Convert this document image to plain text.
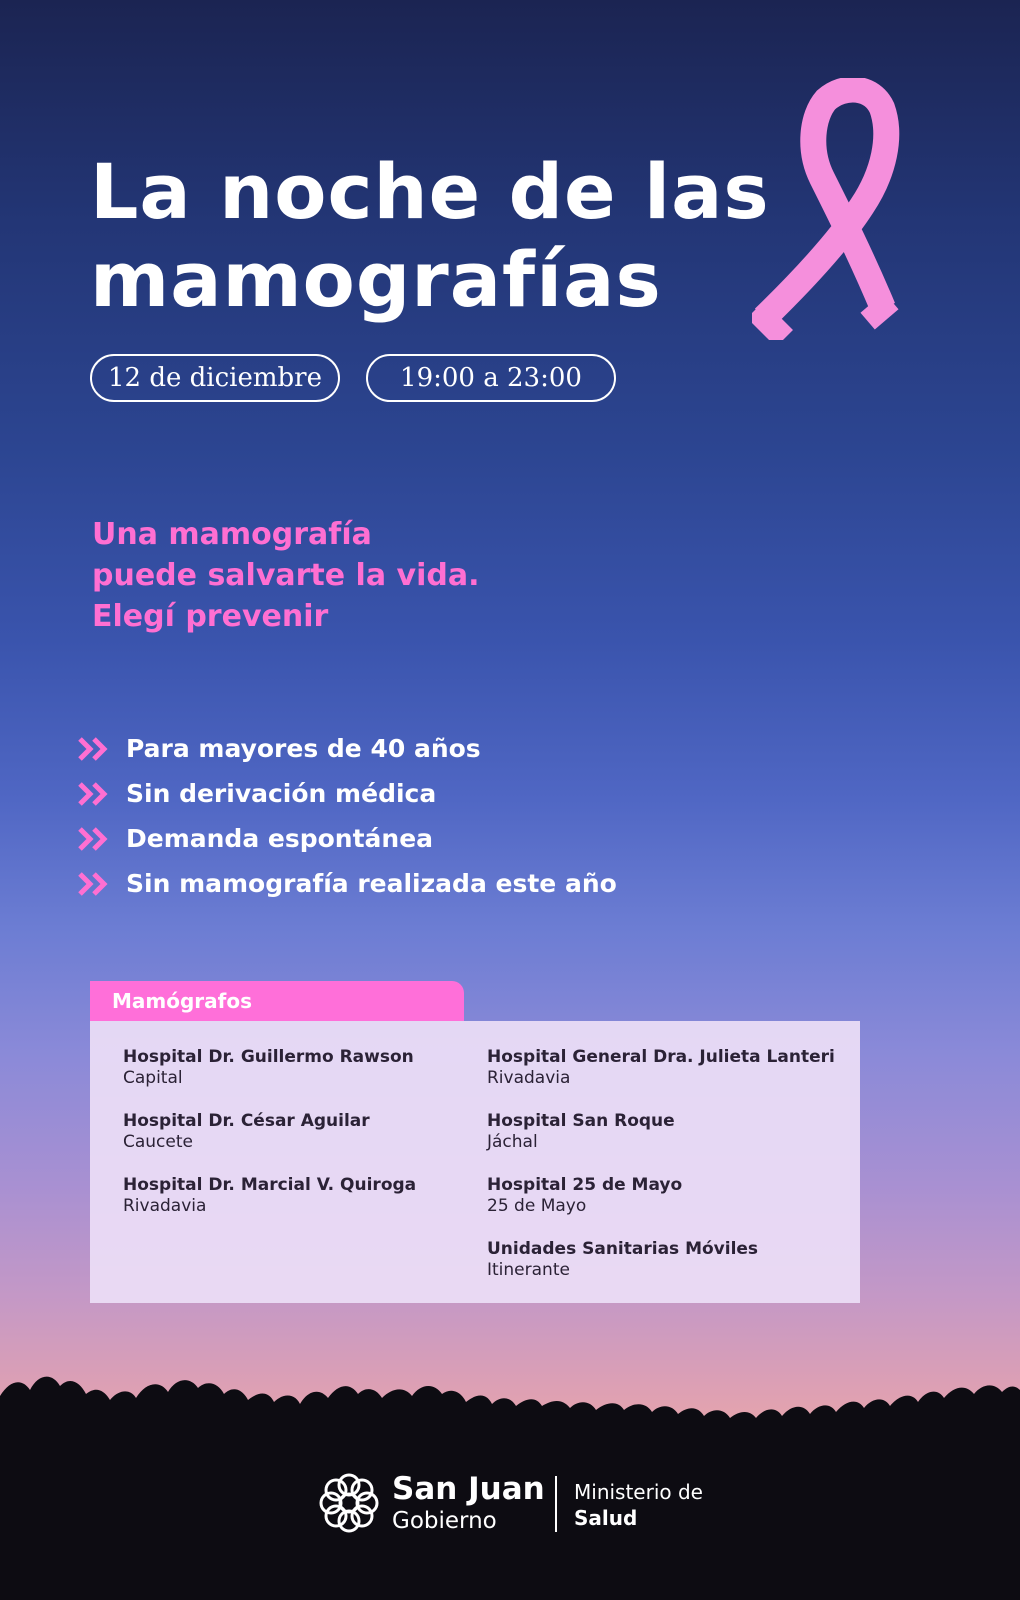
La noche de las
mamografías
12 de diciembre	19:00 a 23:00

Una mamografía
puede salvarte la vida.
Elegí prevenir

Para mayores de 40 años
Sin derivación médica
Demanda espontánea
Sin mamografía realizada este año
Mamógrafos
Hospital Dr. Guillermo Rawson
Capital
Hospital Dr. César Aguilar
Caucete
Hospital Dr. Marcial V. Quiroga
Rivadavia
Hospital General Dra. Julieta Lanteri
Rivadavia
Hospital San Roque
Jáchal
Hospital 25 de Mayo
25 de Mayo
Unidades Sanitarias Móviles
Itinerante
San Juan
Gobierno
Ministerio de
Salud
